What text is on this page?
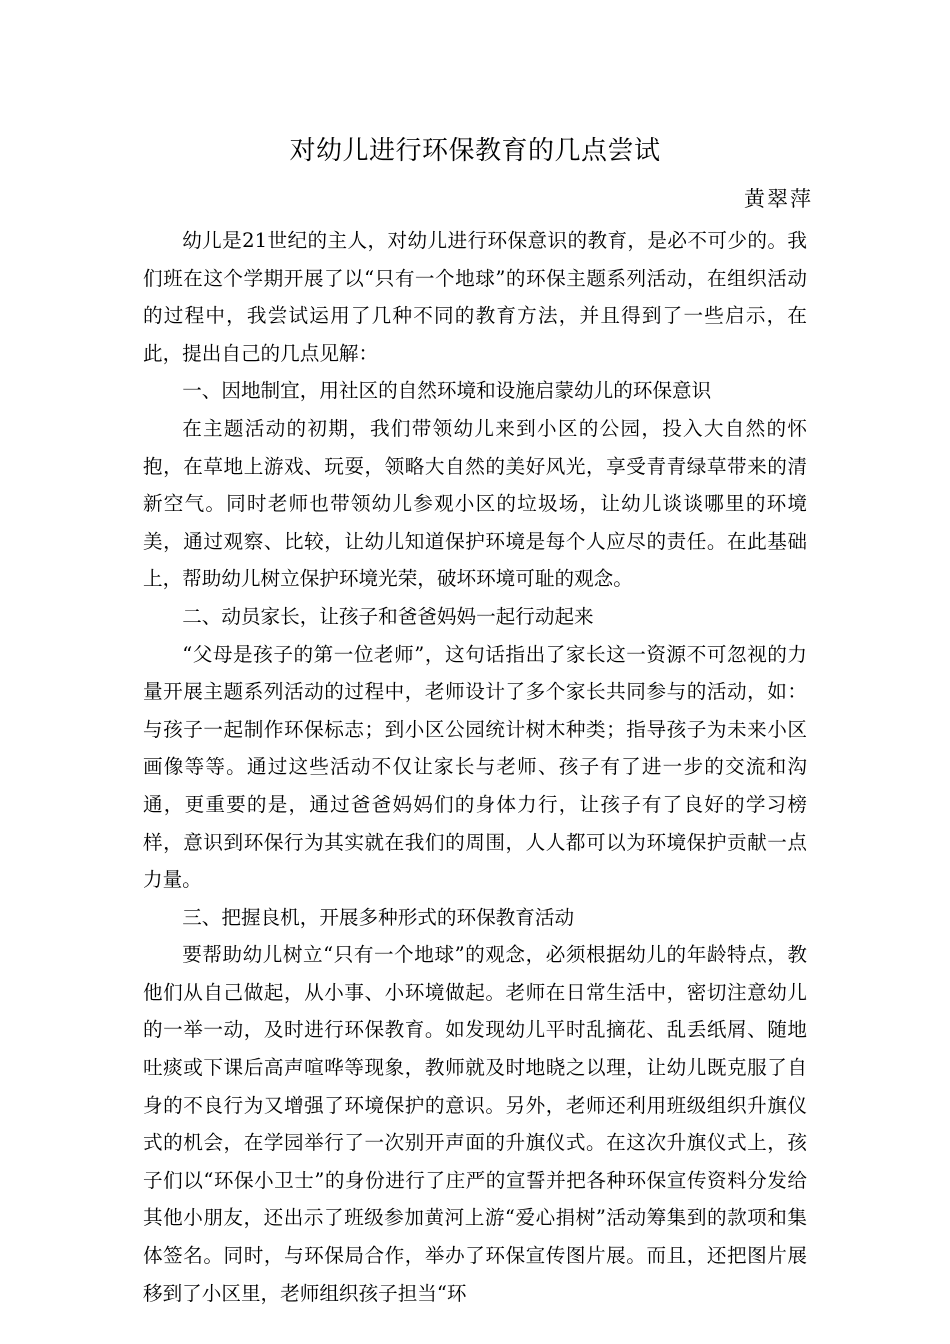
对幼儿进行环保教育的几点尝试
黄翠萍

幼儿是21世纪的主人，对幼儿进行环保意识的教育，是必不可少的。我们班在这个学期开展了以“只有一个地球”的环保主题系列活动，在组织活动的过程中，我尝试运用了几种不同的教育方法，并且得到了一些启示，在此，提出自己的几点见解：

一、因地制宜，用社区的自然环境和设施启蒙幼儿的环保意识

在主题活动的初期，我们带领幼儿来到小区的公园，投入大自然的怀抱，在草地上游戏、玩耍，领略大自然的美好风光，享受青青绿草带来的清新空气。同时老师也带领幼儿参观小区的垃圾场，让幼儿谈谈哪里的环境美，通过观察、比较，让幼儿知道保护环境是每个人应尽的责任。在此基础上，帮助幼儿树立保护环境光荣，破坏环境可耻的观念。

二、动员家长，让孩子和爸爸妈妈一起行动起来

“父母是孩子的第一位老师”，这句话指出了家长这一资源不可忽视的力量开展主题系列活动的过程中，老师设计了多个家长共同参与的活动，如：与孩子一起制作环保标志；到小区公园统计树木种类；指导孩子为未来小区画像等等。通过这些活动不仅让家长与老师、孩子有了进一步的交流和沟通，更重要的是，通过爸爸妈妈们的身体力行，让孩子有了良好的学习榜样，意识到环保行为其实就在我们的周围，人人都可以为环境保护贡献一点力量。

三、把握良机，开展多种形式的环保教育活动

要帮助幼儿树立“只有一个地球”的观念，必须根据幼儿的年龄特点，教他们从自己做起，从小事、小环境做起。老师在日常生活中，密切注意幼儿的一举一动，及时进行环保教育。如发现幼儿平时乱摘花、乱丢纸屑、随地吐痰或下课后高声喧哗等现象，教师就及时地晓之以理，让幼儿既克服了自身的不良行为又增强了环境保护的意识。另外，老师还利用班级组织升旗仪式的机会，在学园举行了一次别开声面的升旗仪式。在这次升旗仪式上，孩子们以“环保小卫士”的身份进行了庄严的宣誓并把各种环保宣传资料分发给其他小朋友，还出示了班级参加黄河上游“爱心捐树”活动筹集到的款项和集体签名。同时，与环保局合作，举办了环保宣传图片展。而且，还把图片展移到了小区里，老师组织孩子担当“环
